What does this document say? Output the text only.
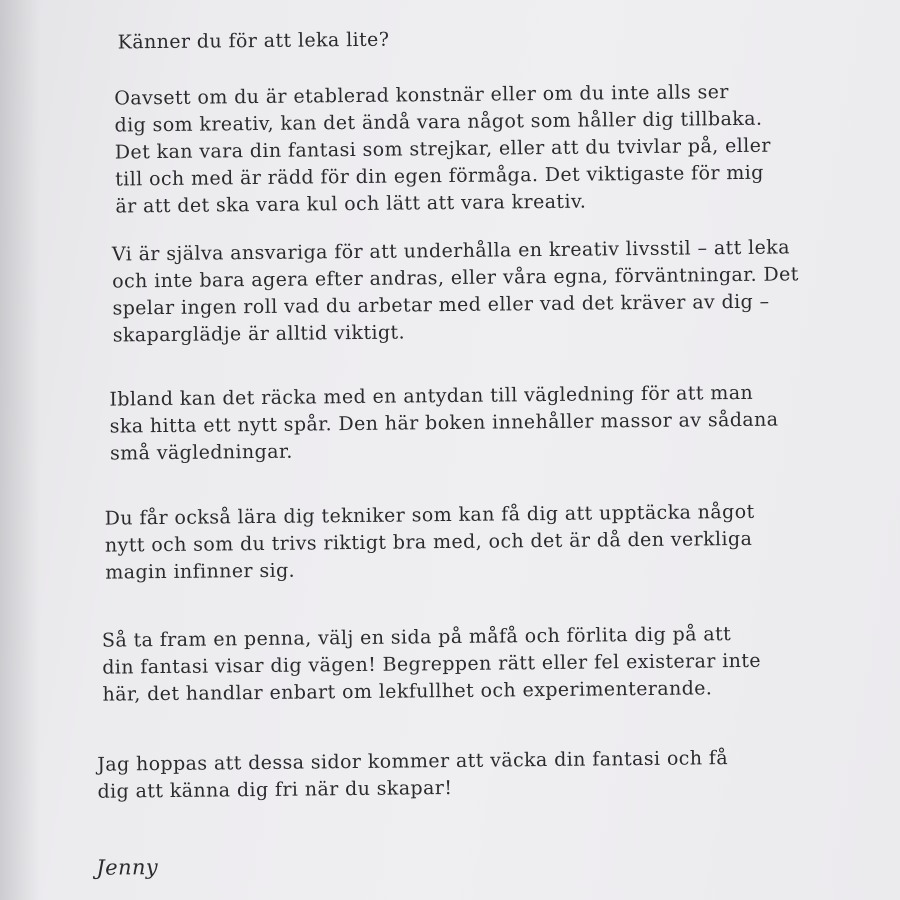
Känner du för att leka lite?

Oavsett om du är etablerad konstnär eller om du inte alls ser
dig som kreativ, kan det ändå vara något som håller dig tillbaka.
Det kan vara din fantasi som strejkar, eller att du tvivlar på, eller
till och med är rädd för din egen förmåga. Det viktigaste för mig
är att det ska vara kul och lätt att vara kreativ.

Vi är själva ansvariga för att underhålla en kreativ livsstil – att leka
och inte bara agera efter andras, eller våra egna, förväntningar. Det
spelar ingen roll vad du arbetar med eller vad det kräver av dig –
skaparglädje är alltid viktigt.

Ibland kan det räcka med en antydan till vägledning för att man
ska hitta ett nytt spår. Den här boken innehåller massor av sådana
små vägledningar.

Du får också lära dig tekniker som kan få dig att upptäcka något
nytt och som du trivs riktigt bra med, och det är då den verkliga
magin infinner sig.

Så ta fram en penna, välj en sida på måfå och förlita dig på att
din fantasi visar dig vägen! Begreppen rätt eller fel existerar inte
här, det handlar enbart om lekfullhet och experimenterande.

Jag hoppas att dessa sidor kommer att väcka din fantasi och få
dig att känna dig fri när du skapar!

Jenny
